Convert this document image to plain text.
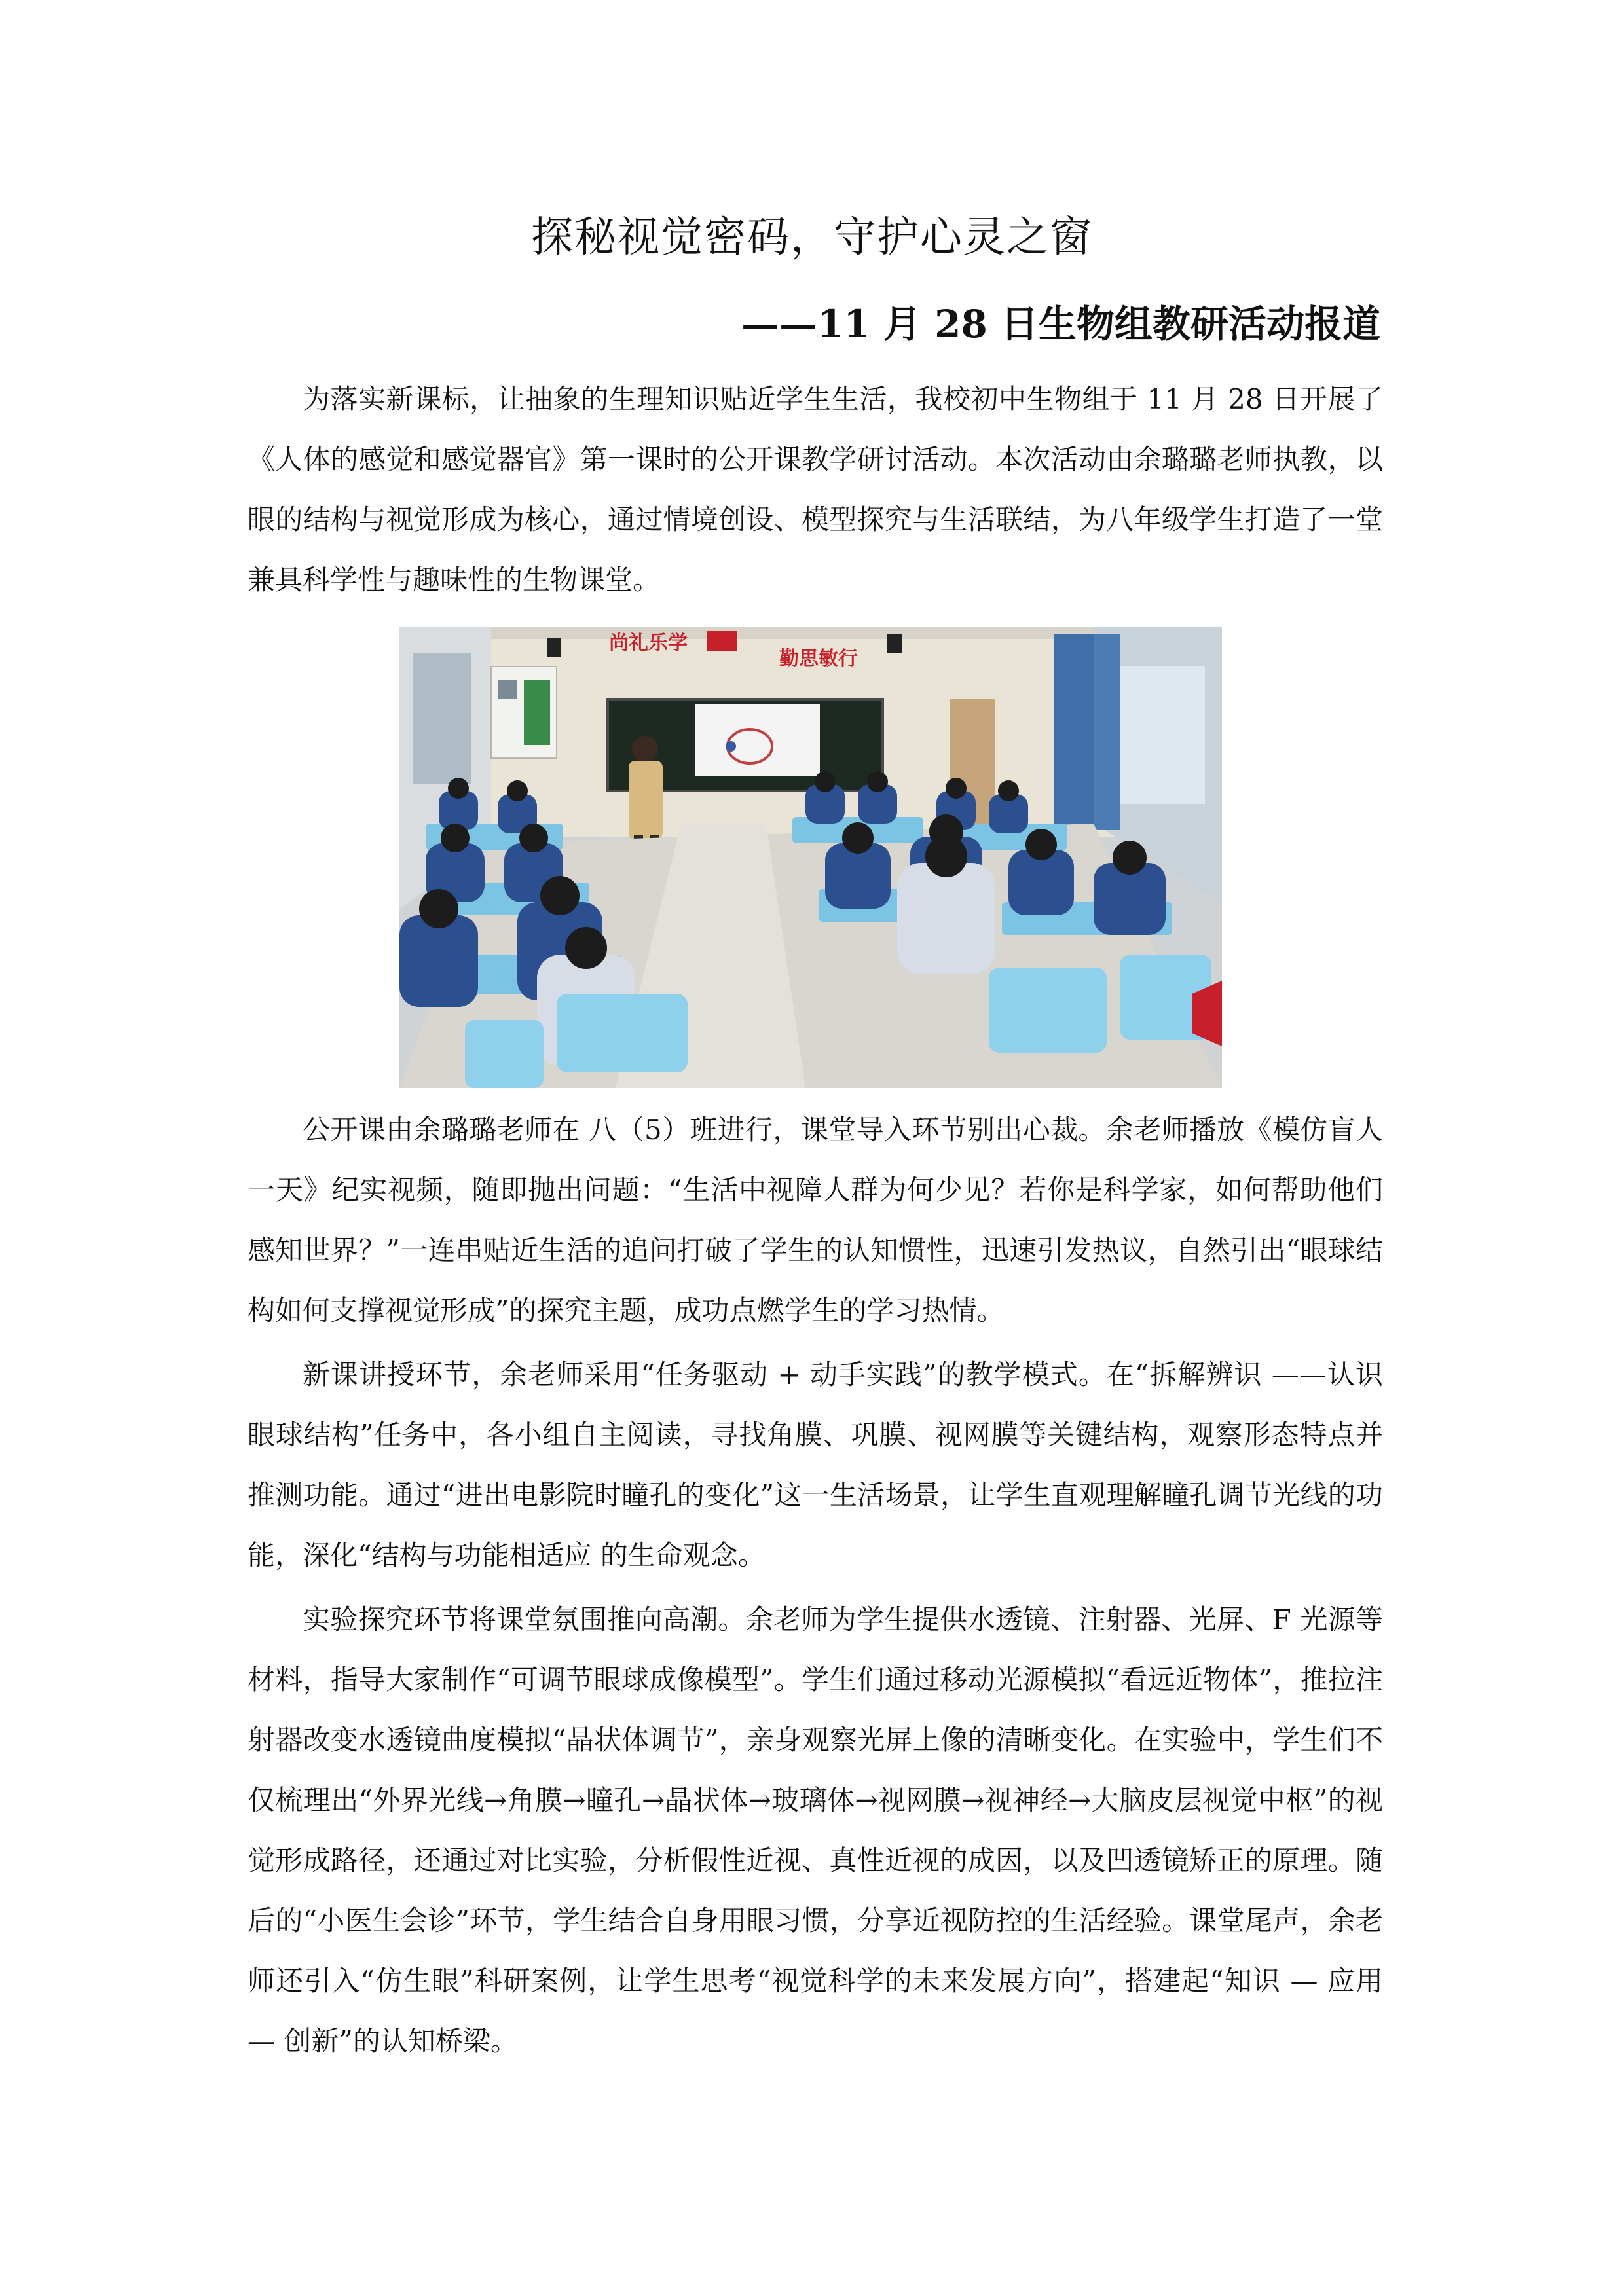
探秘视觉密码，守护心灵之窗
——11 月 28 日生物组教研活动报道

为落实新课标，让抽象的生理知识贴近学生生活，我校初中生物组于 11 月 28 日开展了《人体的感觉和感觉器官》第一课时的公开课教学研讨活动。本次活动由余璐璐老师执教，以眼的结构与视觉形成为核心，通过情境创设、模型探究与生活联结，为八年级学生打造了一堂兼具科学性与趣味性的生物课堂。

尚礼乐学
勤思敏行

公开课由余璐璐老师在 八（5）班进行，课堂导入环节别出心裁。余老师播放《模仿盲人一天》纪实视频，随即抛出问题：“生活中视障人群为何少见？若你是科学家，如何帮助他们感知世界？”一连串贴近生活的追问打破了学生的认知惯性，迅速引发热议，自然引出“眼球结构如何支撑视觉形成”的探究主题，成功点燃学生的学习热情。

新课讲授环节，余老师采用“任务驱动 + 动手实践”的教学模式。在“拆解辨识 ——认识眼球结构”任务中，各小组自主阅读，寻找角膜、巩膜、视网膜等关键结构，观察形态特点并推测功能。通过“进出电影院时瞳孔的变化”这一生活场景，让学生直观理解瞳孔调节光线的功能，深化“结构与功能相适应 的生命观念。

实验探究环节将课堂氛围推向高潮。余老师为学生提供水透镜、注射器、光屏、F 光源等材料，指导大家制作“可调节眼球成像模型”。学生们通过移动光源模拟“看远近物体”，推拉注射器改变水透镜曲度模拟“晶状体调节”，亲身观察光屏上像的清晰变化。在实验中，学生们不仅梳理出“外界光线→角膜→瞳孔→晶状体→玻璃体→视网膜→视神经→大脑皮层视觉中枢”的视觉形成路径，还通过对比实验，分析假性近视、真性近视的成因，以及凹透镜矫正的原理。随后的“小医生会诊”环节，学生结合自身用眼习惯，分享近视防控的生活经验。课堂尾声，余老师还引入“仿生眼”科研案例，让学生思考“视觉科学的未来发展方向”，搭建起“知识 — 应用 — 创新”的认知桥梁。
